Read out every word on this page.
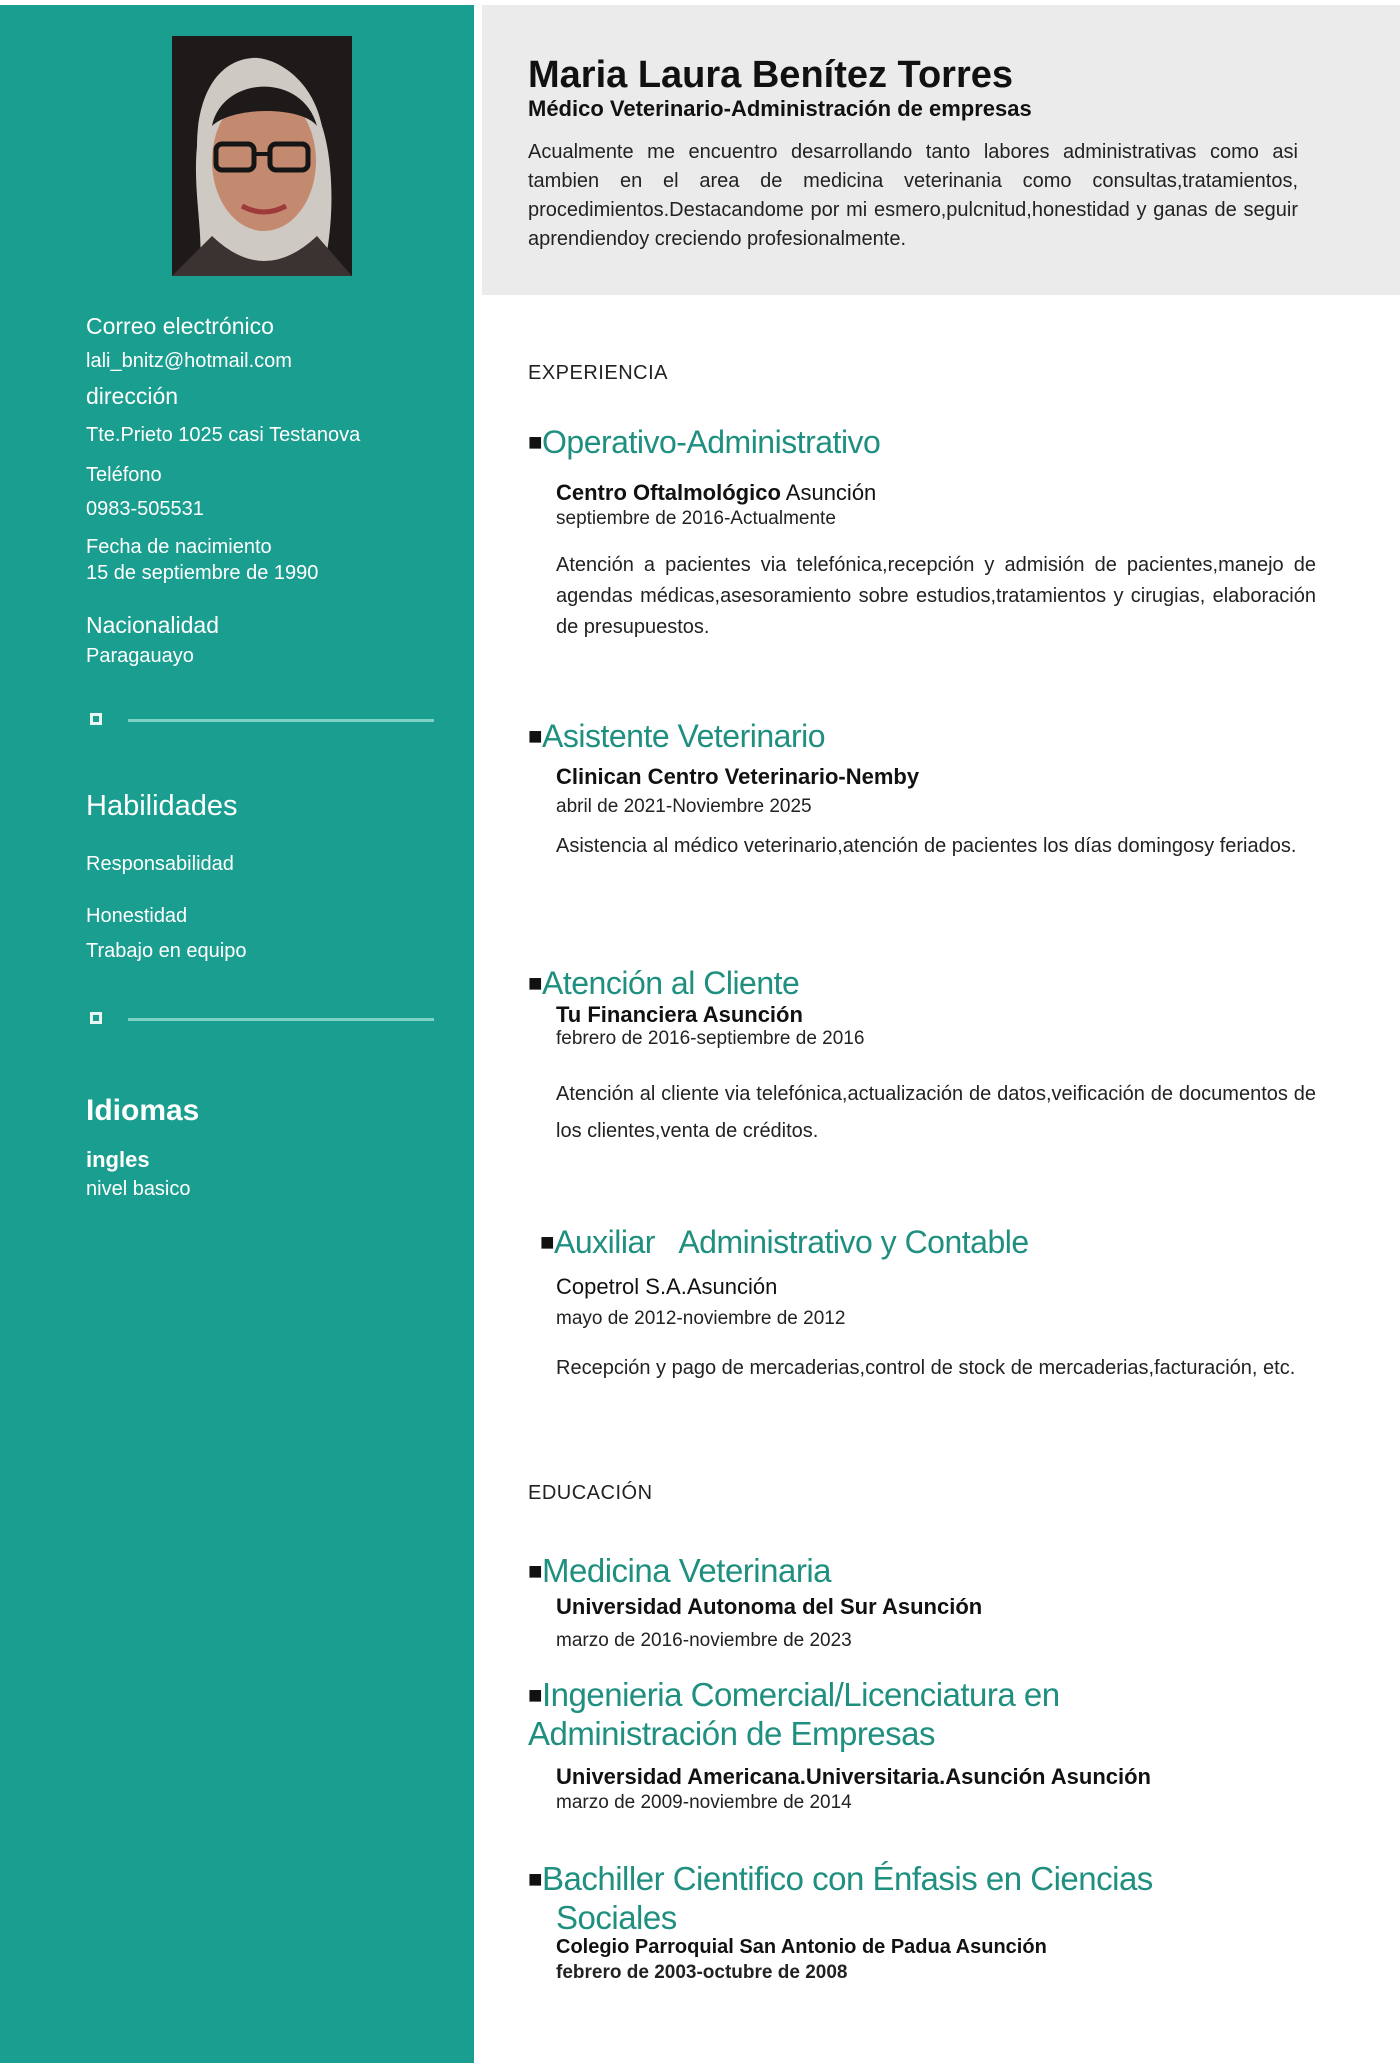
Correo electrónico
lali_bnitz@hotmail.com
dirección
Tte.Prieto 1025 casi Testanova
Teléfono
0983-505531
Fecha de nacimiento
15 de septiembre de 1990
Nacionalidad
Paragauayo
Habilidades
Responsabilidad
Honestidad
Trabajo en equipo
Idiomas
ingles
nivel basico
Maria Laura Benítez Torres
Médico Veterinario-Administración de empresas
Acualmente me encuentro desarrollando tanto labores administrativas como asi tambien en el area de medicina veterinania como consultas,tratamientos, procedimientos.Destacandome por mi esmero,pulcnitud,honestidad y ganas de seguir aprendiendoy creciendo profesionalmente.
EXPERIENCIA
■Operativo-Administrativo
Centro Oftalmológico Asunción
septiembre de 2016-Actualmente
Atención a pacientes via telefónica,recepción y admisión de pacientes,manejo de agendas médicas,asesoramiento sobre estudios,tratamientos y cirugias, elaboración de presupuestos.
■Asistente Veterinario
Clinican Centro Veterinario-Nemby
abril de 2021-Noviembre 2025
Asistencia al médico veterinario,atención de pacientes los días domingosy feriados.
■Atención al Cliente
Tu Financiera Asunción
febrero de 2016-septiembre de 2016
Atención al cliente via telefónica,actualización de datos,veificación de documentos de los clientes,venta de créditos.
■Auxiliar   Administrativo y Contable
Copetrol S.A.Asunción
mayo de 2012-noviembre de 2012
Recepción y pago de mercaderias,control de stock de mercaderias,facturación, etc.
EDUCACIÓN
■Medicina Veterinaria
Universidad Autonoma del Sur Asunción
marzo de 2016-noviembre de 2023
■Ingenieria Comercial/Licenciatura en
Administración de Empresas
Universidad Americana.Universitaria.Asunción Asunción
marzo de 2009-noviembre de 2014
■Bachiller Cientifico con Énfasis en Ciencias
Sociales
Colegio Parroquial San Antonio de Padua Asunción
febrero de 2003-octubre de 2008
